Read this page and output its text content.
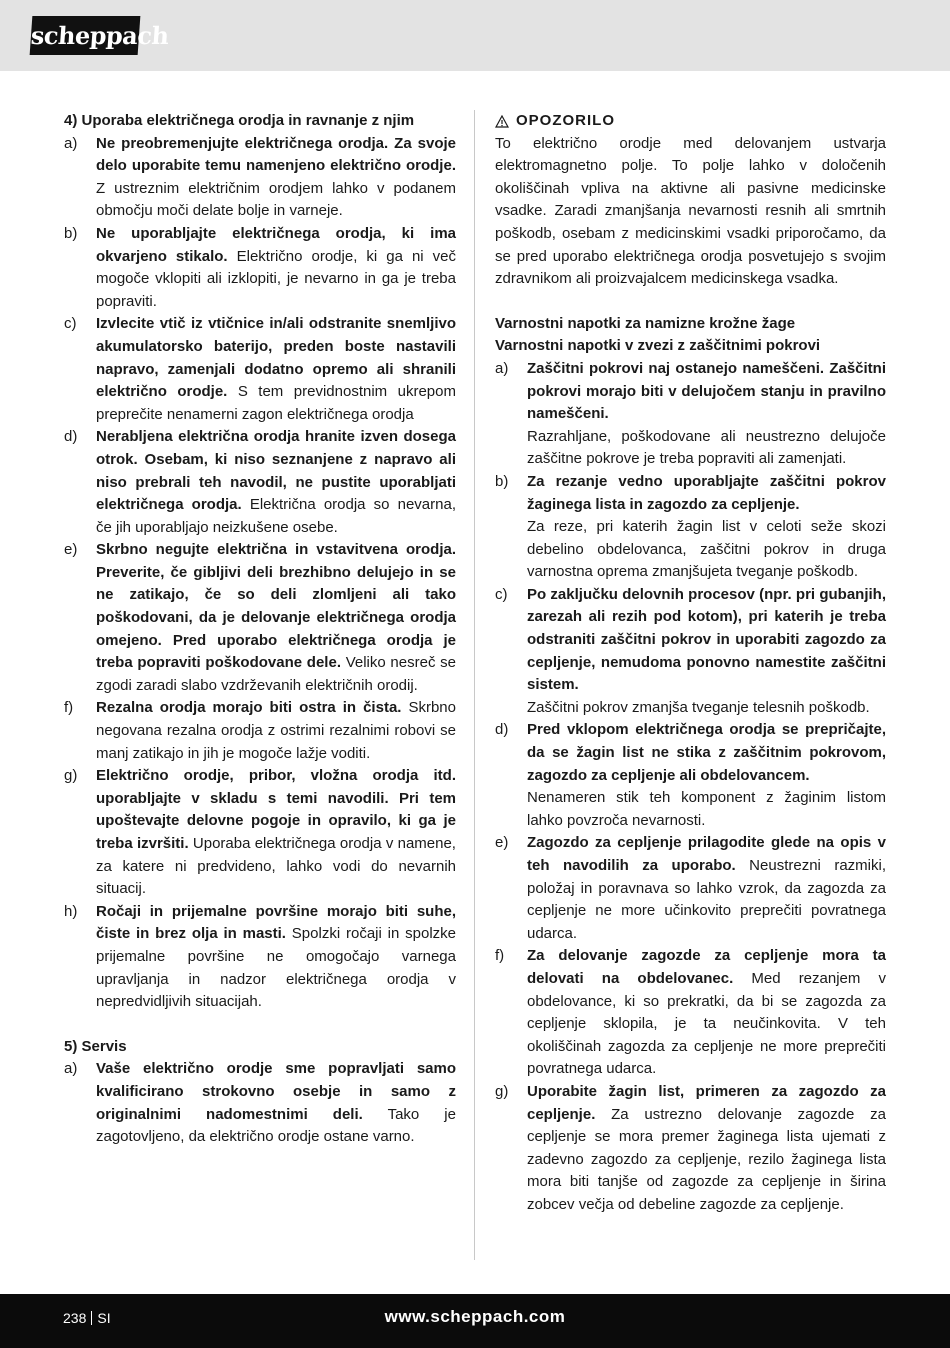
scheppach

4) Uporaba električnega orodja in ravnanje z njim

a)	Ne preobremenjujte električnega orodja. Za svoje delo uporabite temu namenjeno električno orodje. Z ustreznim električnim orodjem lahko v podanem območju moči delate bolje in varneje.
b)	Ne uporabljajte električnega orodja, ki ima okvarjeno stikalo. Električno orodje, ki ga ni več mogoče vklopiti ali izklopiti, je nevarno in ga je treba popraviti.
c)	Izvlecite vtič iz vtičnice in/ali odstranite snemljivo akumulatorsko baterijo, preden boste nastavili napravo, zamenjali dodatno opremo ali shranili električno orodje. S tem previdnostnim ukrepom preprečite nenamerni zagon električnega orodja
d)	Nerabljena električna orodja hranite izven dosega otrok. Osebam, ki niso seznanjene z napravo ali niso prebrali teh navodil, ne pustite uporabljati električnega orodja. Električna orodja so nevarna, če jih uporabljajo neizkušene osebe.
e)	Skrbno negujte električna in vstavitvena orodja. Preverite, če gibljivi deli brezhibno delujejo in se ne zatikajo, če so deli zlomljeni ali tako poškodovani, da je delovanje električnega orodja omejeno. Pred uporabo električnega orodja je treba popraviti poškodovane dele. Veliko nesreč se zgodi zaradi slabo vzdrževanih električnih orodij.
f)	Rezalna orodja morajo biti ostra in čista. Skrbno negovana rezalna orodja z ostrimi rezalnimi robovi se manj zatikajo in jih je mogoče lažje voditi.
g)	Električno orodje, pribor, vložna orodja itd. uporabljajte v skladu s temi navodili. Pri tem upoštevajte delovne pogoje in opravilo, ki ga je treba izvršiti. Uporaba električnega orodja v namene, za katere ni predvideno, lahko vodi do nevarnih situacij.
h)	Ročaji in prijemalne površine morajo biti suhe, čiste in brez olja in masti. Spolzki ročaji in spolzke prijemalne površine ne omogočajo varnega upravljanja in nadzor električnega orodja v nepredvidljivih situacijah.

5) Servis

a)	Vaše električno orodje sme popravljati samo kvalificirano strokovno osebje in samo z originalnimi nadomestnimi deli. Tako je zagotovljeno, da električno orodje ostane varno.
OPOZORILO

To električno orodje med delovanjem ustvarja elektromagnetno polje. To polje lahko v določenih okoliščinah vpliva na aktivne ali pasivne medicinske vsadke. Zaradi zmanjšanja nevarnosti resnih ali smrtnih poškodb, osebam z medicinskimi vsadki priporočamo, da se pred uporabo električnega orodja posvetujejo s svojim zdravnikom ali proizvajalcem medicinskega vsadka.

Varnostni napotki za namizne krožne žage

Varnostni napotki v zvezi z zaščitnimi pokrovi

a)	Zaščitni pokrovi naj ostanejo nameščeni. Zaščitni pokrovi morajo biti v delujočem stanju in pravilno nameščeni.
Razrahljane, poškodovane ali neustrezno delujoče zaščitne pokrove je treba popraviti ali zamenjati.
b)	Za rezanje vedno uporabljajte zaščitni pokrov žaginega lista in zagozdo za cepljenje.
Za reze, pri katerih žagin list v celoti seže skozi debelino obdelovanca, zaščitni pokrov in druga varnostna oprema zmanjšujeta tveganje poškodb.
c)	Po zaključku delovnih procesov (npr. pri gubanjih, zarezah ali rezih pod kotom), pri katerih je treba odstraniti zaščitni pokrov in uporabiti zagozdo za cepljenje, nemudoma ponovno namestite zaščitni sistem.
Zaščitni pokrov zmanjša tveganje telesnih poškodb.
d)	Pred vklopom električnega orodja se prepričajte, da se žagin list ne stika z zaščitnim pokrovom, zagozdo za cepljenje ali obdelovancem.
Nenameren stik teh komponent z žaginim listom lahko povzroča nevarnosti.
e)	Zagozdo za cepljenje prilagodite glede na opis v teh navodilih za uporabo. Neustrezni razmiki, položaj in poravnava so lahko vzrok, da zagozda za cepljenje ne more učinkovito preprečiti povratnega udarca.
f)	Za delovanje zagozde za cepljenje mora ta delovati na obdelovanec. Med rezanjem v obdelovance, ki so prekratki, da bi se zagozda za cepljenje sklopila, je ta neučinkovita. V teh okoliščinah zagozda za cepljenje ne more preprečiti povratnega udarca.
g)	Uporabite žagin list, primeren za zagozdo za cepljenje. Za ustrezno delovanje zagozde za cepljenje se mora premer žaginega lista ujemati z zadevno zagozdo za cepljenje, rezilo žaginega lista mora biti tanjše od zagozde za cepljenje in širina zobcev večja od debeline zagozde za cepljenje.
238 SI	www.scheppach.com
